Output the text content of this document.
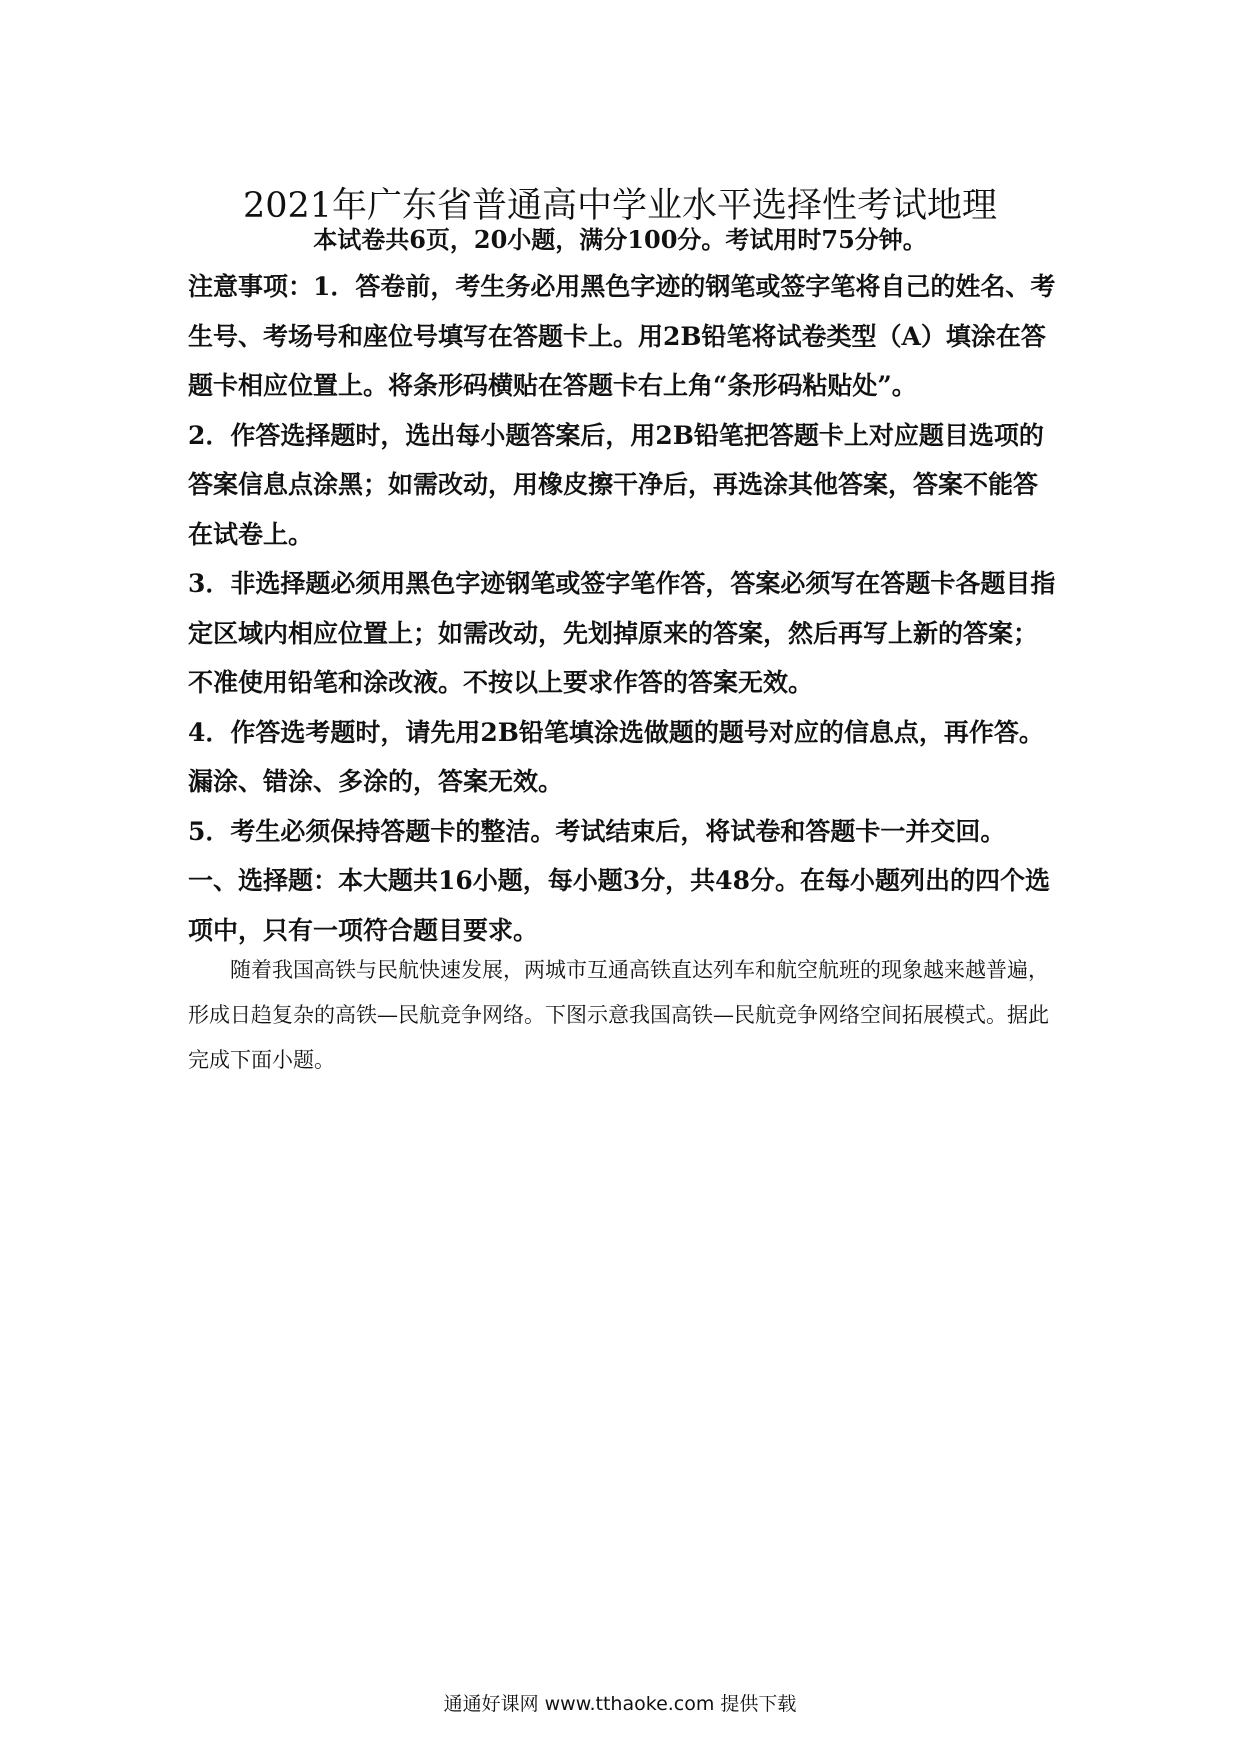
2021年广东省普通高中学业水平选择性考试地理
本试卷共6页，20小题，满分100分。考试用时75分钟。

注意事项：1．答卷前，考生务必用黑色字迹的钢笔或签字笔将自己的姓名、考生号、考场号和座位号填写在答题卡上。用2B铅笔将试卷类型（A）填涂在答题卡相应位置上。将条形码横贴在答题卡右上角“条形码粘贴处”。

2．作答选择题时，选出每小题答案后，用2B铅笔把答题卡上对应题目选项的答案信息点涂黑；如需改动，用橡皮擦干净后，再选涂其他答案，答案不能答在试卷上。

3．非选择题必须用黑色字迹钢笔或签字笔作答，答案必须写在答题卡各题目指定区域内相应位置上；如需改动，先划掉原来的答案，然后再写上新的答案；不准使用铅笔和涂改液。不按以上要求作答的答案无效。

4．作答选考题时，请先用2B铅笔填涂选做题的题号对应的信息点，再作答。漏涂、错涂、多涂的，答案无效。

5．考生必须保持答题卡的整洁。考试结束后，将试卷和答题卡一并交回。

一、选择题：本大题共16小题，每小题3分，共48分。在每小题列出的四个选项中，只有一项符合题目要求。

随着我国高铁与民航快速发展，两城市互通高铁直达列车和航空航班的现象越来越普遍，形成日趋复杂的高铁—民航竞争网络。下图示意我国高铁—民航竞争网络空间拓展模式。据此完成下面小题。

通通好课网 www.tthaoke.com 提供下载
